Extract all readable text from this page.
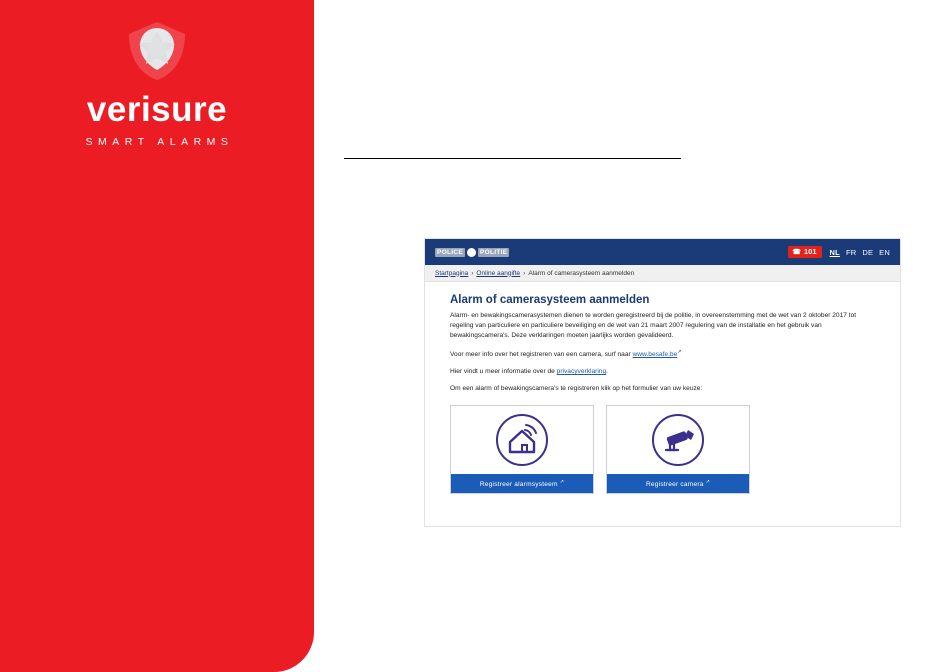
verisure
SMART ALARMS
POLICE	POLITIE	☎ 101 NL FR DE EN
Startpagina › Online aangifte › Alarm of camerasysteem aanmelden
Alarm of camerasysteem aanmelden

Alarm- en bewakingscamerasystemen dienen te worden geregistreerd bij de politie, in overeenstemming met de wet van 2 oktober 2017 tot regeling van particuliere en particuliere beveiliging en de wet van 21 maart 2007 regulering van de installatie en het gebruik van bewakingscamera's. Deze verklaringen moeten jaarlijks worden gevalideerd.

Voor meer info over het registreren van een camera, surf naar www.besafe.be↗

Hier vindt u meer informatie over de privacyverklaring.

Om een alarm of bewakingscamera's te registreren klik op het formulier van uw keuze:

Registreer alarmsysteem ↗	Registreer camera ↗
